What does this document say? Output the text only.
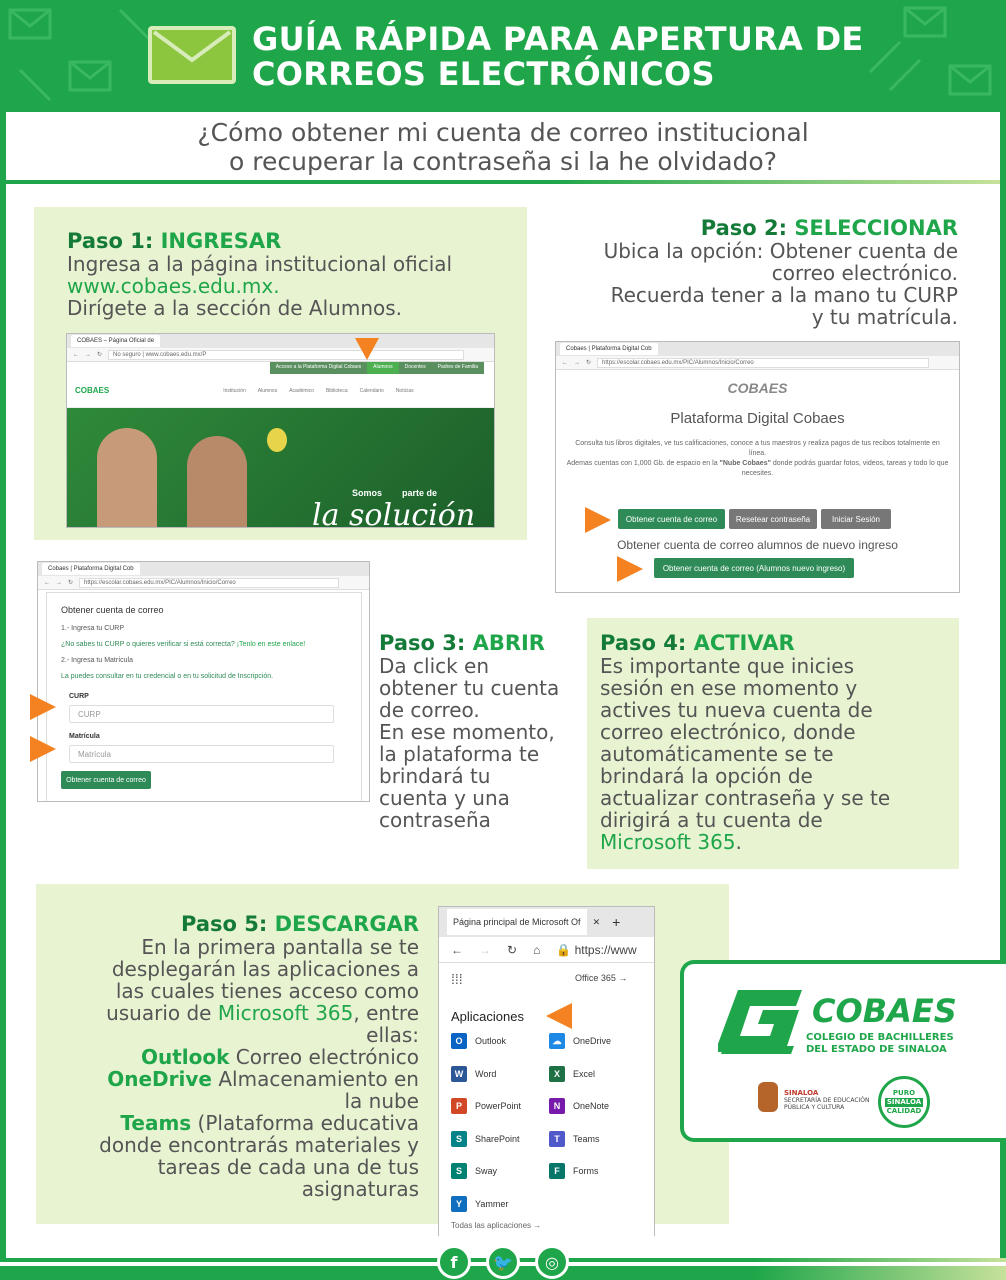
GUÍA RÁPIDA PARA APERTURA DE
CORREOS ELECTRÓNICOS
¿Cómo obtener mi cuenta de correo institucional
o recuperar la contraseña si la he olvidado?
Paso 1: INGRESAR
Ingresa a la página institucional oficial
www.cobaes.edu.mx.
Dirígete a la sección de Alumnos.
COBAES – Página Oficial de
← → ↻ No seguro | www.cobaes.edu.mx/P
Acceso a la Plataforma Digital Cobaes	Alumnos	Docentes	Padres de Familia
COBAES	Institución Alumnos Académico Biblioteca Calendario Noticias
Somos parte de
la solución
Paso 2: SELECCIONAR
Ubica la opción: Obtener cuenta de
correo electrónico.
Recuerda tener a la mano tu CURP
y tu matrícula.
Cobaes | Plataforma Digital Cob
← → ↻	https://escolar.cobaes.edu.mx/PIC/Alumnos/Inicio/Correo
COBAES
Plataforma Digital Cobaes
Consulta tus libros digitales, ve tus calificaciones, conoce a tus maestros y realiza pagos de tus recibos totalmente en línea.
Ademas cuentas con 1,000 Gb. de espacio en la "Nube Cobaes" donde podrás guardar fotos, videos, tareas y todo lo que necesites.
Obtener cuenta de correo	Resetear contraseña	Iniciar Sesión
Obtener cuenta de correo alumnos de nuevo ingreso
Obtener cuenta de correo (Alumnos nuevo ingreso)
Cobaes | Plataforma Digital Cob
← → ↻	https://escolar.cobaes.edu.mx/PIC/Alumnos/Inicio/Correo
Obtener cuenta de correo
1.- Ingresa tu CURP
¿No sabes tu CURP o quieres verificar si está correcta? ¡Tenlo en este enlace!
2.- Ingresa tu Matrícula
La puedes consultar en tu credencial o en tu solicitud de Inscripción.
CURP
CURP
Matrícula
Matrícula
Obtener cuenta de correo
Paso 3: ABRIR
Da click en
obtener tu cuenta
de correo.
En ese momento,
la plataforma te
brindará tu
cuenta y una
contraseña
Paso 4: ACTIVAR
Es importante que inicies
sesión en ese momento y
actives tu nueva cuenta de
correo electrónico, donde
automáticamente se te
brindará la opción de
actualizar contraseña y se te
dirigirá a tu cuenta de
Microsoft 365.
Paso 5: DESCARGAR
En la primera pantalla se te
desplegarán las aplicaciones a
las cuales tienes acceso como
usuario de Microsoft 365, entre
ellas:
Outlook Correo electrónico
OneDrive Almacenamiento en
la nube
Teams (Plataforma educativa
donde encontrarás materiales y
tareas de cada una de tus
asignaturas
Página principal de Microsoft Of	✕ +
← → ↻ ⌂ 🔒 https://www
⁞⁞⁞	Office 365 →
Aplicaciones
O	Outlook	☁	OneDrive
W	Word	X	Excel
P	PowerPoint	N	OneNote
S	SharePoint	T	Teams
S	Sway	F	Forms
Y	Yammer
Todas las aplicaciones →
COBAES
COLEGIO DE BACHILLERES
DEL ESTADO DE SINALOA
SINALOA
SECRETARÍA DE EDUCACIÓN
PÚBLICA Y CULTURA
PURO
SINALOA
CALIDAD
f	🐦	◎
